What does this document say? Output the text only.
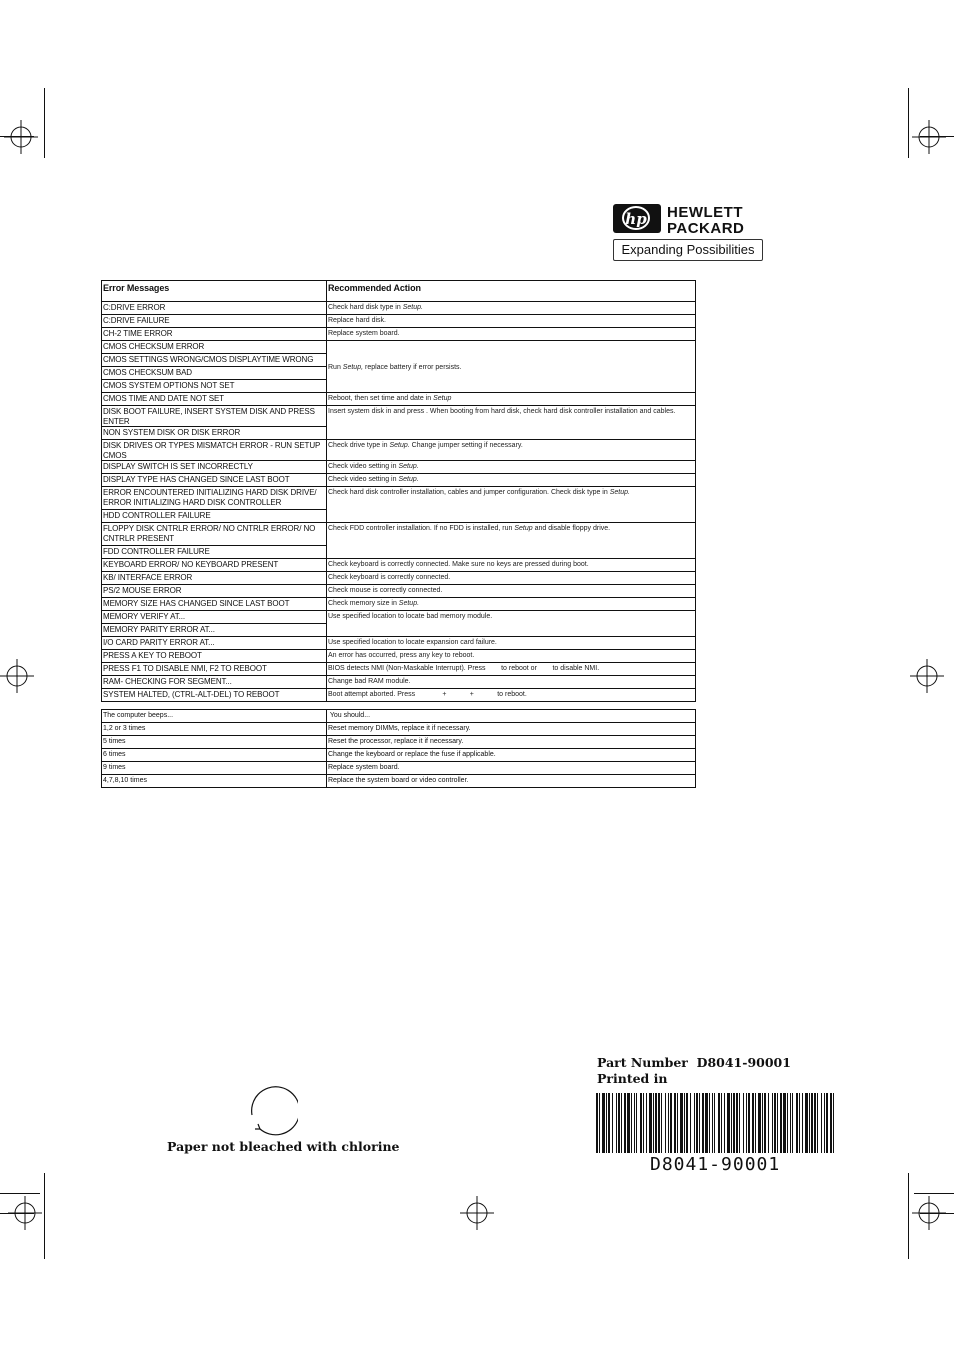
hp HEWLETT
PACKARD
Expanding Possibilities
Error Messages	Recommended Action
C:DRIVE ERROR	Check hard disk type in Setup.
C:DRIVE FAILURE	Replace hard disk.
CH-2 TIME ERROR	Replace system board.
CMOS CHECKSUM ERROR	Run Setup, replace battery if error persists.
CMOS SETTINGS WRONG/CMOS DISPLAYTIME WRONG	
CMOS CHECKSUM BAD	
CMOS SYSTEM OPTIONS NOT SET	
CMOS TIME AND DATE NOT SET	Reboot, then set time and date in Setup
DISK BOOT FAILURE, INSERT SYSTEM DISK AND PRESS ENTER	Insert system disk in and press . When booting from hard disk, check hard disk controller installation and cables.
NON SYSTEM DISK OR DISK ERROR	
DISK DRIVES OR TYPES MISMATCH ERROR - RUN SETUP CMOS	Check drive type in Setup. Change jumper setting if necessary.
DISPLAY SWITCH IS SET INCORRECTLY	Check video setting in Setup.
DISPLAY TYPE HAS CHANGED SINCE LAST BOOT	Check video setting in Setup.
ERROR ENCOUNTERED INITIALIZING HARD DISK DRIVE/ ERROR INITIALIZING HARD DISK CONTROLLER	Check hard disk controller installation, cables and jumper configuration. Check disk type in Setup.
HDD CONTROLLER FAILURE	
FLOPPY DISK CNTRLR ERROR/ NO CNTRLR ERROR/ NO CNTRLR PRESENT	Check FDD controller installation. If no FDD is installed, run Setup and disable floppy drive.
FDD CONTROLLER FAILURE	
KEYBOARD ERROR/ NO KEYBOARD PRESENT	Check keyboard is correctly connected. Make sure no keys are pressed during boot.
KB/ INTERFACE ERROR	Check keyboard is correctly connected.
PS/2 MOUSE ERROR	Check mouse is correctly connected.
MEMORY SIZE HAS CHANGED SINCE LAST BOOT	Check memory size in Setup.
MEMORY VERIFY AT...	Use specified location to locate bad memory module.
MEMORY PARITY ERROR AT...	
I/O CARD PARITY ERROR AT...	Use specified location to locate expansion card failure.
PRESS A KEY TO REBOOT	An error has occurred, press any key to reboot.
PRESS F1 TO DISABLE NMI, F2 TO REBOOT	BIOS detects NMI (Non-Maskable Interrupt). Press        to reboot or        to disable NMI.
RAM- CHECKING FOR SEGMENT...	Change bad RAM module.
SYSTEM HALTED, (CTRL-ALT-DEL) TO REBOOT	Boot attempt aborted. Press              +            +            to reboot.
The computer beeps...	You should...
1,2 or 3 times	Reset memory DIMMs, replace it if necessary.
5 times	Reset the processor, replace it if necessary.
6 times	Change the keyboard or replace the fuse if applicable.
9 times	Replace system board.
4,7,8,10 times	Replace the system board or video controller.
Part Number D8041-90001
Printed in
Paper not bleached with chlorine
D8041-90001
